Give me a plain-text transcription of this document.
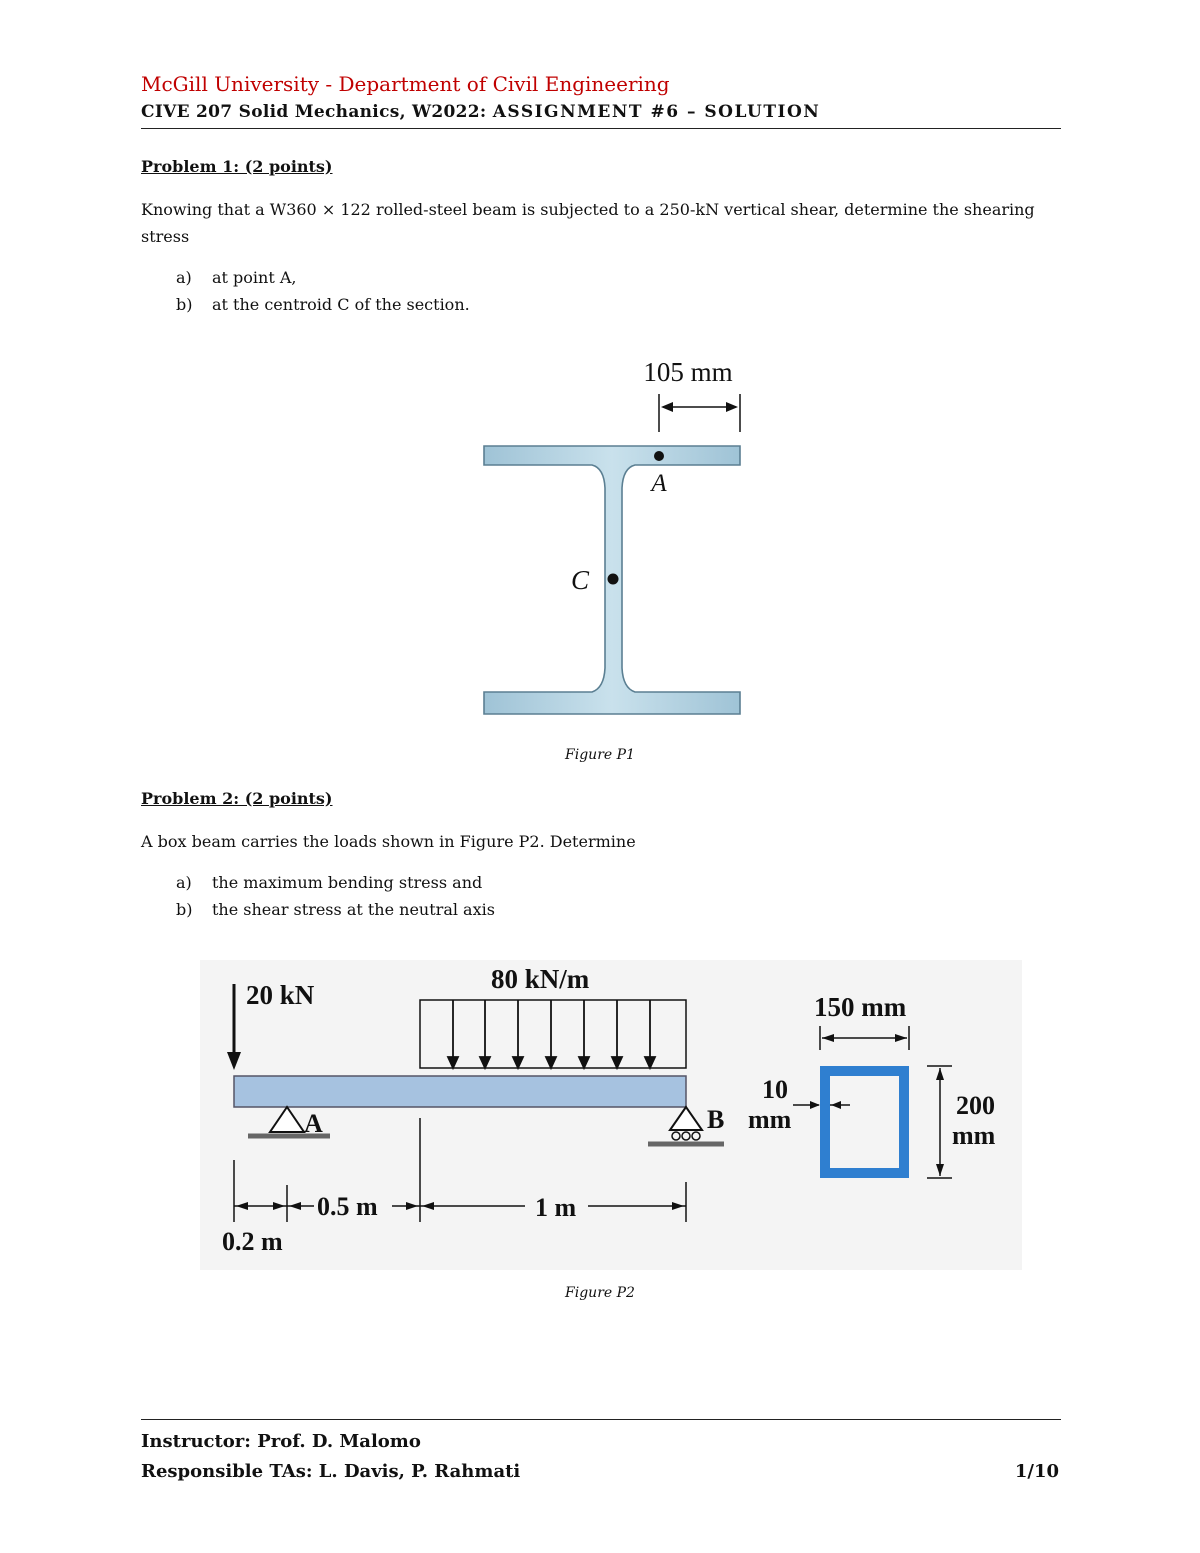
McGill University - Department of Civil Engineering
CIVE 207 Solid Mechanics, W2022: ASSIGNMENT #6 – SOLUTION
Problem 1: (2 points)
Knowing that a W360 × 122 rolled-steel beam is subjected to a 250-kN vertical shear, determine the shearing stress
a) at point A,
b) at the centroid C of the section.
105 mm
A
C
Figure P1
Problem 2: (2 points)
A box beam carries the loads shown in Figure P2. Determine
a) the maximum bending stress and
b) the shear stress at the neutral axis
20 kN
80 kN/m
A	B
0.5 m	1 m
0.2 m
150 mm
10
mm	200
mm
Figure P2
Instructor: Prof. D. Malomo
Responsible TAs: L. Davis, P. Rahmati	1/10
